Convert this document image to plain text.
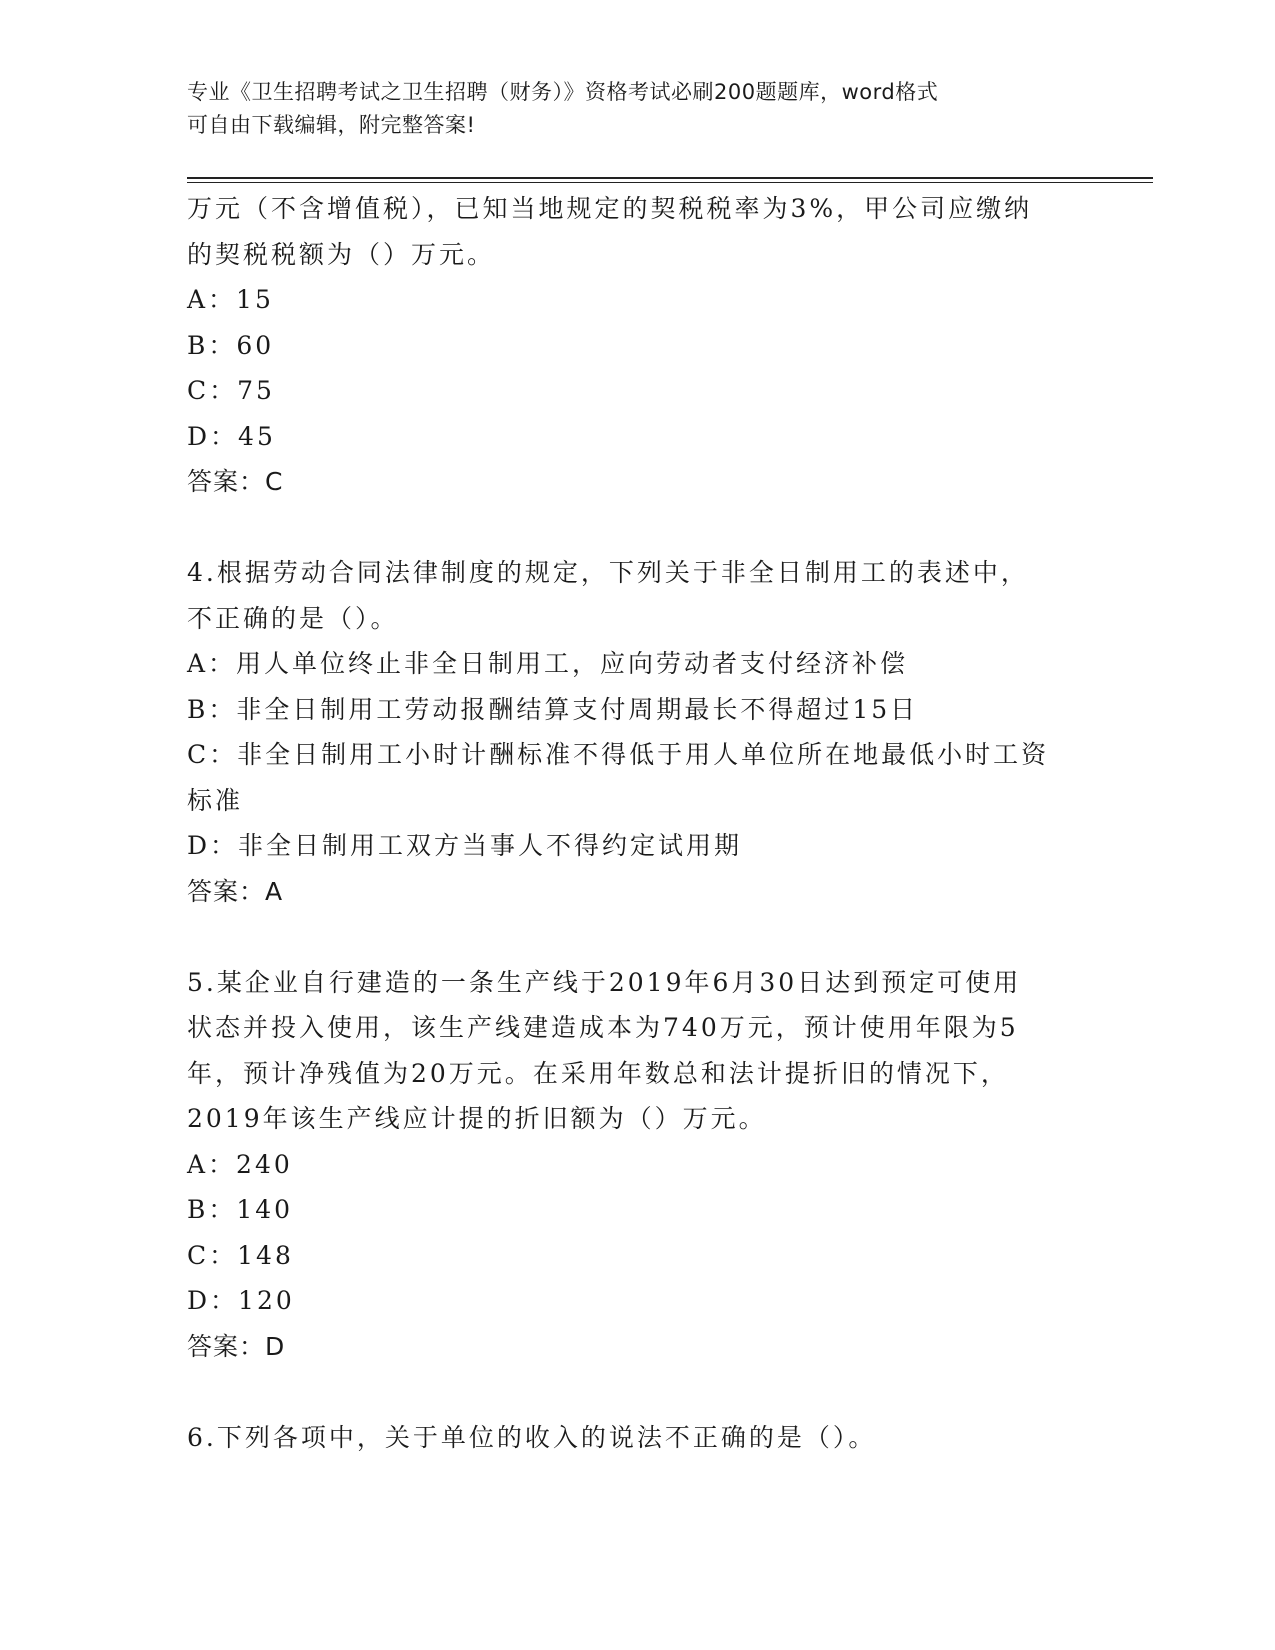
专业《卫生招聘考试之卫生招聘（财务）》资格考试必刷200题题库，word格式
可自由下载编辑，附完整答案!
万元（不含增值税），已知当地规定的契税税率为3%，甲公司应缴纳
的契税税额为（）万元。
A：15
B：60
C：75
D：45
答案：C
4.根据劳动合同法律制度的规定，下列关于非全日制用工的表述中，
不正确的是（）。
A：用人单位终止非全日制用工，应向劳动者支付经济补偿
B：非全日制用工劳动报酬结算支付周期最长不得超过15日
C：非全日制用工小时计酬标准不得低于用人单位所在地最低小时工资
标准
D：非全日制用工双方当事人不得约定试用期
答案：A
5.某企业自行建造的一条生产线于2019年6月30日达到预定可使用
状态并投入使用，该生产线建造成本为740万元，预计使用年限为5
年，预计净残值为20万元。在采用年数总和法计提折旧的情况下，
2019年该生产线应计提的折旧额为（）万元。
A：240
B：140
C：148
D：120
答案：D
6.下列各项中，关于单位的收入的说法不正确的是（）。
